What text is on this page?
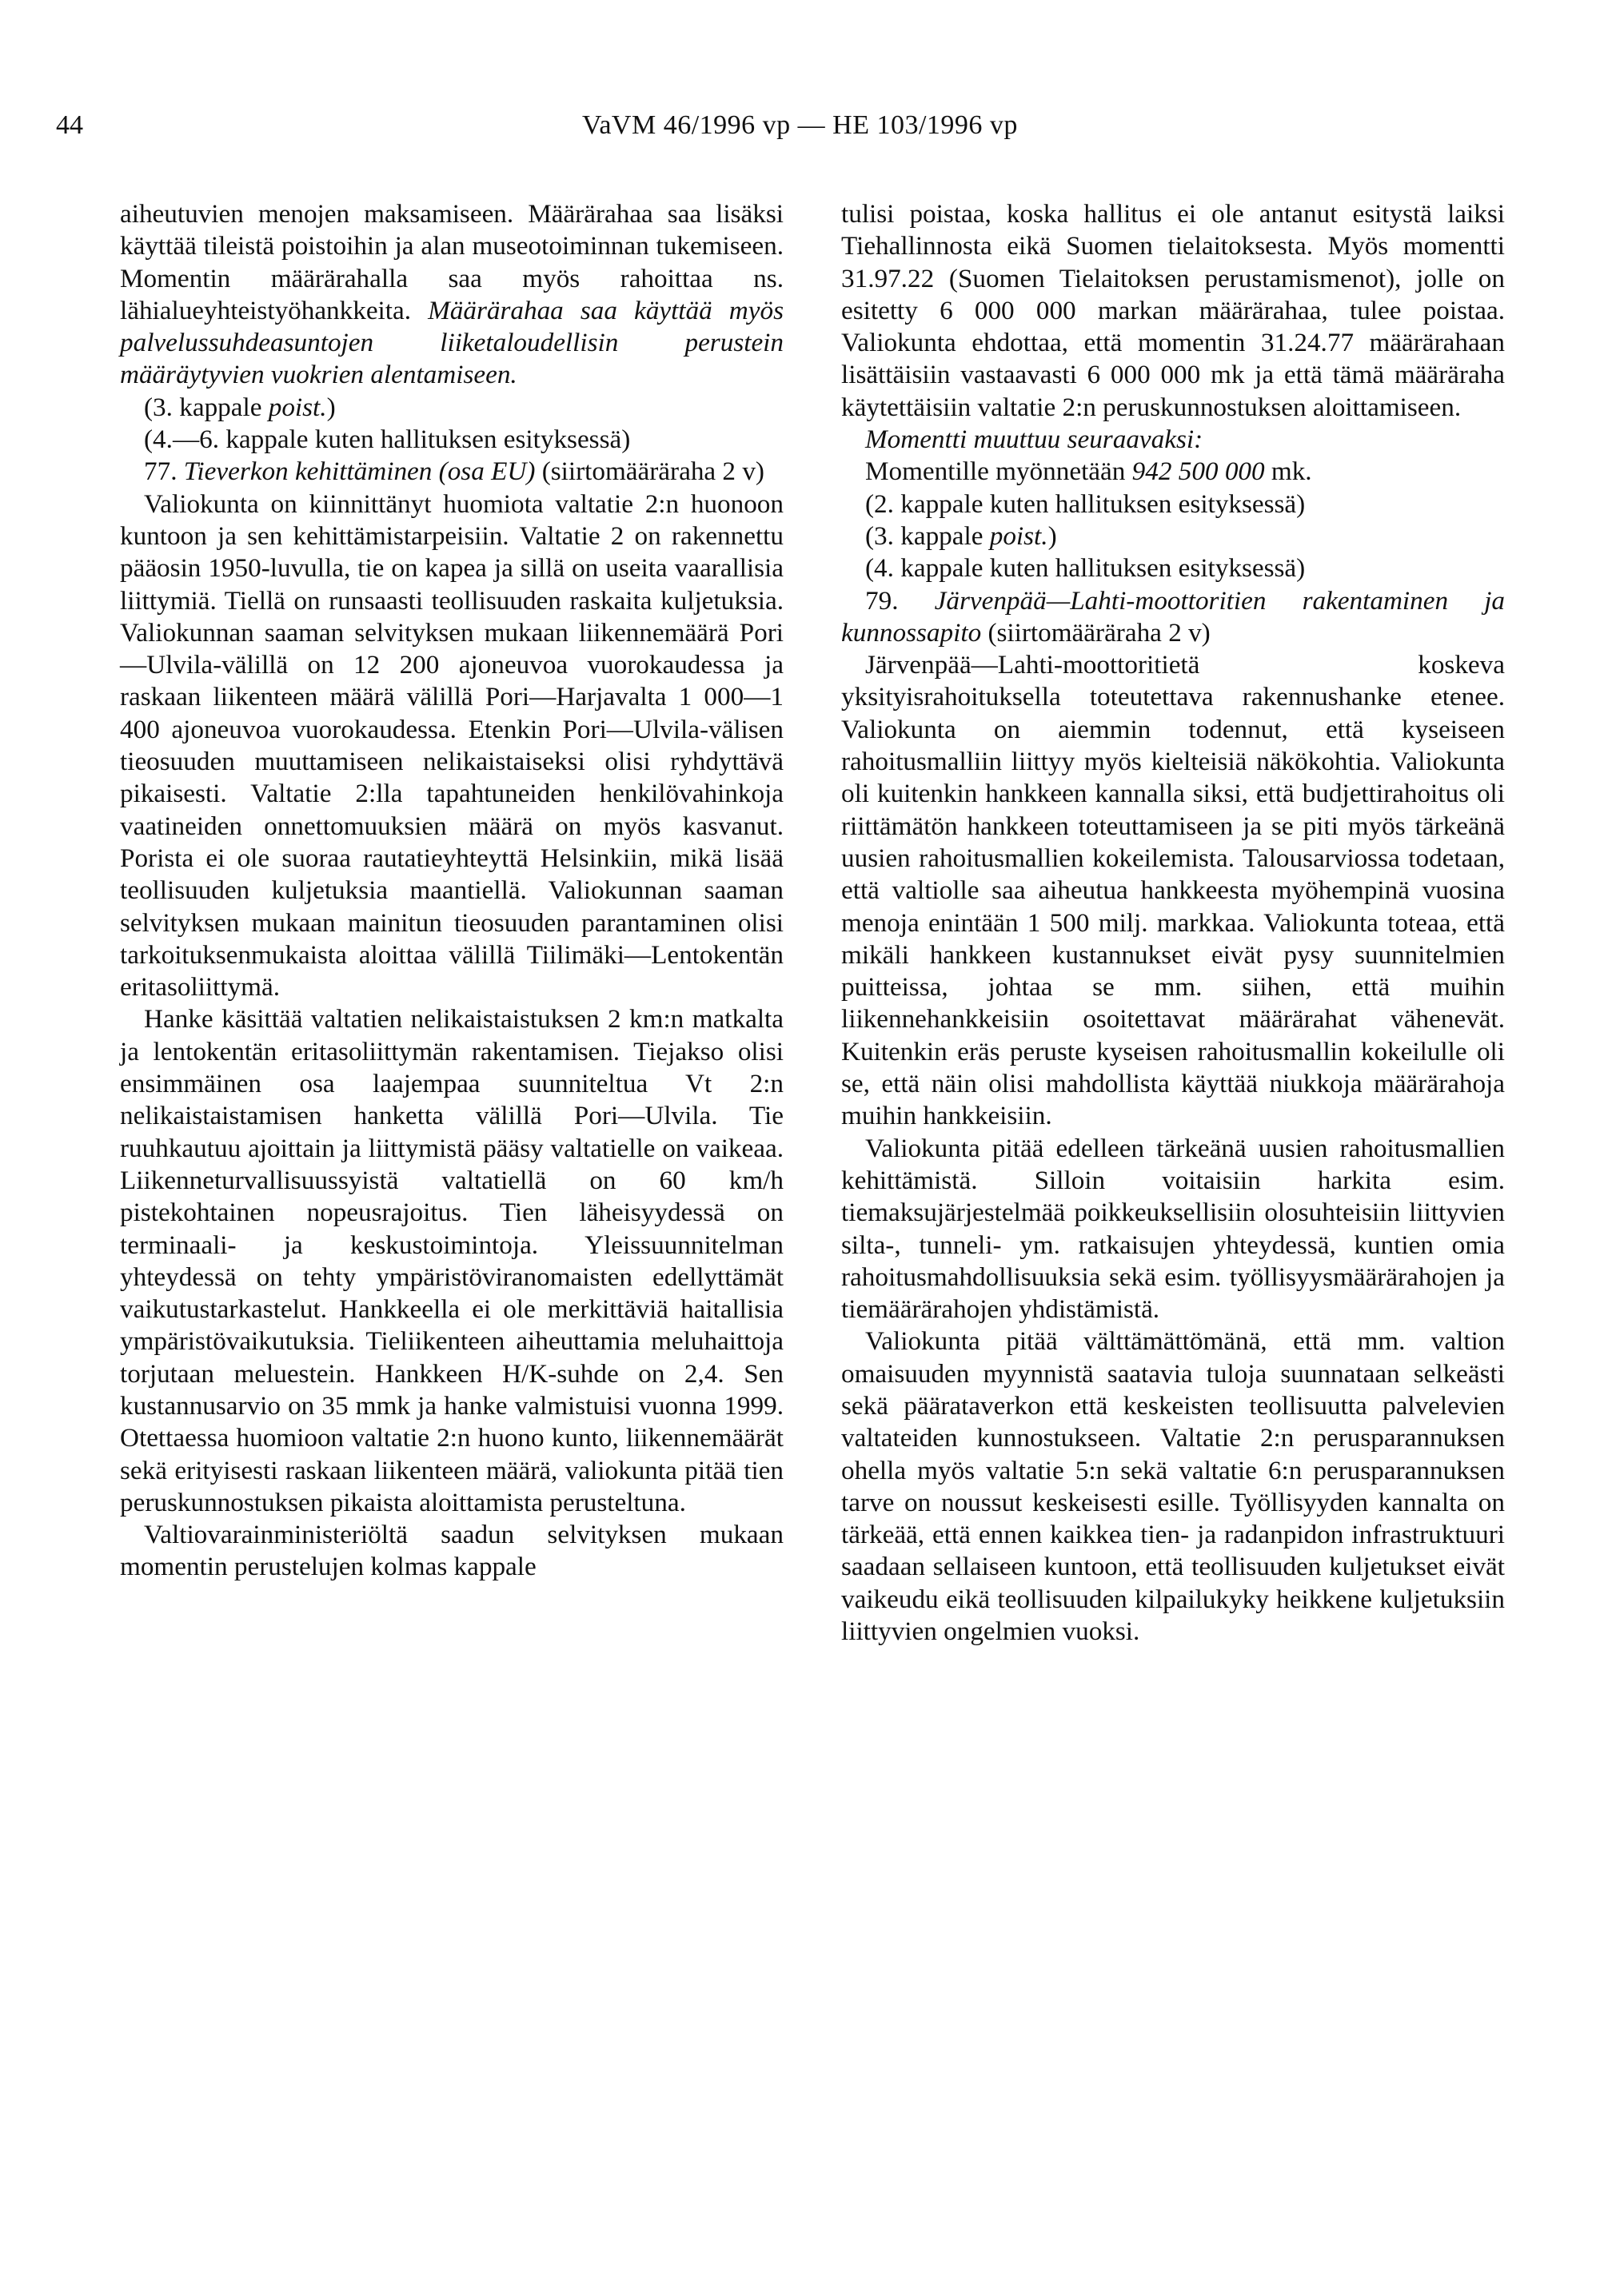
44	VaVM 46/1996 vp — HE 103/1996 vp

aiheutuvien menojen maksamiseen. Määrärahaa saa lisäksi käyttää tileistä poistoihin ja alan museotoiminnan tukemiseen. Momentin määrärahalla saa myös rahoittaa ns. lähialueyhteistyöhankkeita. Määrärahaa saa käyttää myös palvelussuhdeasuntojen liiketaloudellisin perustein määräytyvien vuokrien alentamiseen.

(3. kappale poist.)

(4.—6. kappale kuten hallituksen esityksessä)

77. Tieverkon kehittäminen (osa EU) (siirtomääräraha 2 v)

Valiokunta on kiinnittänyt huomiota valtatie 2:n huonoon kuntoon ja sen kehittämistarpeisiin. Valtatie 2 on rakennettu pääosin 1950-luvulla, tie on kapea ja sillä on useita vaarallisia liittymiä. Tiellä on runsaasti teollisuuden raskaita kuljetuksia. Valiokunnan saaman selvityksen mukaan liikennemäärä Pori—Ulvila-välillä on 12 200 ajoneuvoa vuorokaudessa ja raskaan liikenteen määrä välillä Pori—Harjavalta 1 000—1 400 ajoneuvoa vuorokaudessa. Etenkin Pori—Ulvila-välisen tieosuuden muuttamiseen nelikaistaiseksi olisi ryhdyttävä pikaisesti. Valtatie 2:lla tapahtuneiden henkilövahinkoja vaatineiden onnettomuuksien määrä on myös kasvanut. Porista ei ole suoraa rautatieyhteyttä Helsinkiin, mikä lisää teollisuuden kuljetuksia maantiellä. Valiokunnan saaman selvityksen mukaan mainitun tieosuuden parantaminen olisi tarkoituksenmukaista aloittaa välillä Tiilimäki—Lentokentän eritasoliittymä.

Hanke käsittää valtatien nelikaistaistuksen 2 km:n matkalta ja lentokentän eritasoliittymän rakentamisen. Tiejakso olisi ensimmäinen osa laajempaa suunniteltua Vt 2:n nelikaistaistamisen hanketta välillä Pori—Ulvila. Tie ruuhkautuu ajoittain ja liittymistä pääsy valtatielle on vaikeaa. Liikenneturvallisuussyistä valtatiellä on 60 km/h pistekohtainen nopeusrajoitus. Tien läheisyydessä on terminaali- ja keskustoimintoja. Yleissuunnitelman yhteydessä on tehty ympäristöviranomaisten edellyttämät vaikutustarkastelut. Hankkeella ei ole merkittäviä haitallisia ympäristövaikutuksia. Tieliikenteen aiheuttamia meluhaittoja torjutaan meluestein. Hankkeen H/K-suhde on 2,4. Sen kustannusarvio on 35 mmk ja hanke valmistuisi vuonna 1999. Otettaessa huomioon valtatie 2:n huono kunto, liikennemäärät sekä erityisesti raskaan liikenteen määrä, valiokunta pitää tien peruskunnostuksen pikaista aloittamista perusteltuna.

Valtiovarainministeriöltä saadun selvityksen mukaan momentin perustelujen kolmas kappale

tulisi poistaa, koska hallitus ei ole antanut esitystä laiksi Tiehallinnosta eikä Suomen tielaitoksesta. Myös momentti 31.97.22 (Suomen Tielaitoksen perustamismenot), jolle on esitetty 6 000 000 markan määrärahaa, tulee poistaa. Valiokunta ehdottaa, että momentin 31.24.77 määrärahaan lisättäisiin vastaavasti 6 000 000 mk ja että tämä määräraha käytettäisiin valtatie 2:n peruskunnostuksen aloittamiseen.

Momentti muuttuu seuraavaksi:

Momentille myönnetään 942 500 000 mk.

(2. kappale kuten hallituksen esityksessä)

(3. kappale poist.)

(4. kappale kuten hallituksen esityksessä)

79. Järvenpää—Lahti-moottoritien rakentaminen ja kunnossapito (siirtomääräraha 2 v)

Järvenpää—Lahti-moottoritietä koskeva yksityisrahoituksella toteutettava rakennushanke etenee. Valiokunta on aiemmin todennut, että kyseiseen rahoitusmalliin liittyy myös kielteisiä näkökohtia. Valiokunta oli kuitenkin hankkeen kannalla siksi, että budjettirahoitus oli riittämätön hankkeen toteuttamiseen ja se piti myös tärkeänä uusien rahoitusmallien kokeilemista. Talousarviossa todetaan, että valtiolle saa aiheutua hankkeesta myöhempinä vuosina menoja enintään 1 500 milj. markkaa. Valiokunta toteaa, että mikäli hankkeen kustannukset eivät pysy suunnitelmien puitteissa, johtaa se mm. siihen, että muihin liikennehankkeisiin osoitettavat määrärahat vähenevät. Kuitenkin eräs peruste kyseisen rahoitusmallin kokeilulle oli se, että näin olisi mahdollista käyttää niukkoja määrärahoja muihin hankkeisiin.

Valiokunta pitää edelleen tärkeänä uusien rahoitusmallien kehittämistä. Silloin voitaisiin harkita esim. tiemaksujärjestelmää poikkeuksellisiin olosuhteisiin liittyvien silta-, tunneli- ym. ratkaisujen yhteydessä, kuntien omia rahoitusmahdollisuuksia sekä esim. työllisyysmäärärahojen ja tiemäärärahojen yhdistämistä.

Valiokunta pitää välttämättömänä, että mm. valtion omaisuuden myynnistä saatavia tuloja suunnataan selkeästi sekä päärataverkon että keskeisten teollisuutta palvelevien valtateiden kunnostukseen. Valtatie 2:n perusparannuksen ohella myös valtatie 5:n sekä valtatie 6:n perusparannuksen tarve on noussut keskeisesti esille. Työllisyyden kannalta on tärkeää, että ennen kaikkea tien- ja radanpidon infrastruktuuri saadaan sellaiseen kuntoon, että teollisuuden kuljetukset eivät vaikeudu eikä teollisuuden kilpailukyky heikkene kuljetuksiin liittyvien ongelmien vuoksi.
